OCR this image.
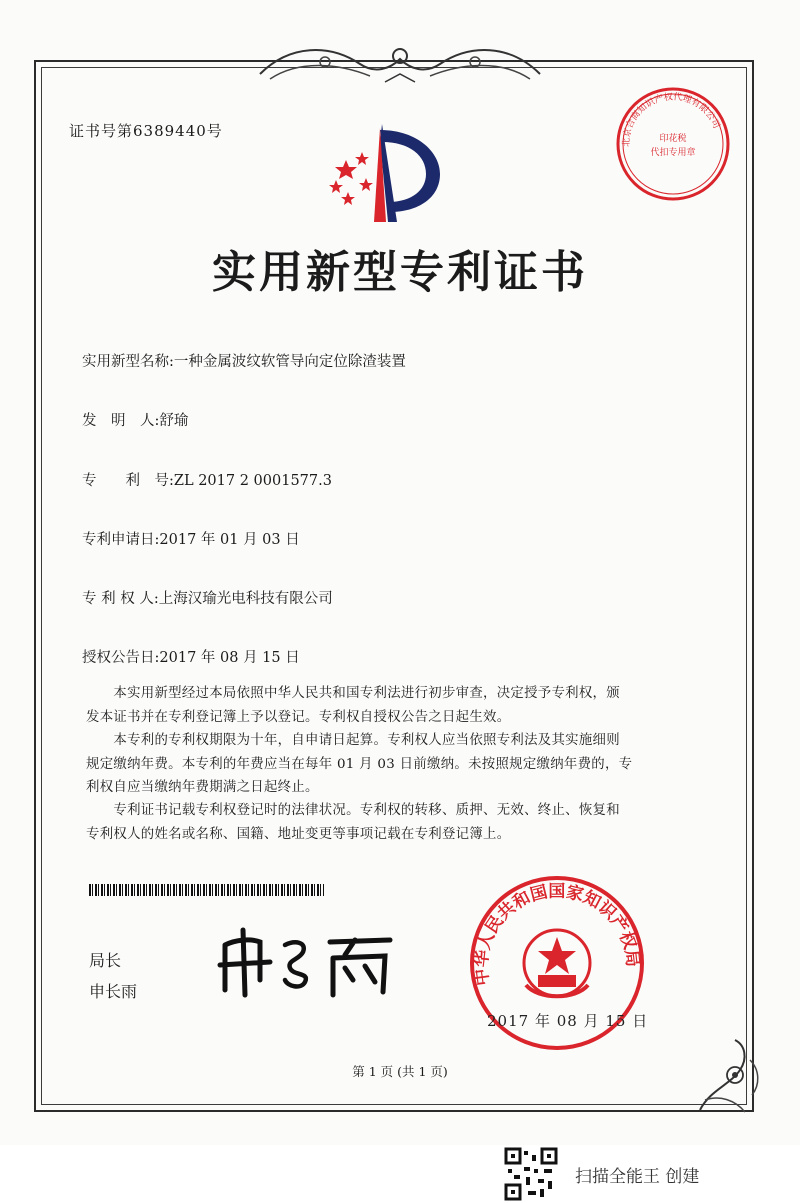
证书号第6389440号
北京合商知识产权代理有限公司
印花税
代扣专用章
实用新型专利证书
实用新型名称:一种金属波纹软管导向定位除渣装置
发　明　人:舒瑜
专　　利　号:ZL 2017 2 0001577.3
专利申请日:2017 年 01 月 03 日
专 利 权 人:上海汉瑜光电科技有限公司
授权公告日:2017 年 08 月 15 日
　　本实用新型经过本局依照中华人民共和国专利法进行初步审查，决定授予专利权，颁
发本证书并在专利登记簿上予以登记。专利权自授权公告之日起生效。
　　本专利的专利权期限为十年，自申请日起算。专利权人应当依照专利法及其实施细则
规定缴纳年费。本专利的年费应当在每年 01 月 03 日前缴纳。未按照规定缴纳年费的，专
利权自应当缴纳年费期满之日起终止。
　　专利证书记载专利权登记时的法律状况。专利权的转移、质押、无效、终止、恢复和
专利权人的姓名或名称、国籍、地址变更等事项记载在专利登记簿上。
局长
申长雨
中华人民共和国国家知识产权局
2017 年 08 月 15 日
第 1 页 (共 1 页)
扫描全能王 创建
